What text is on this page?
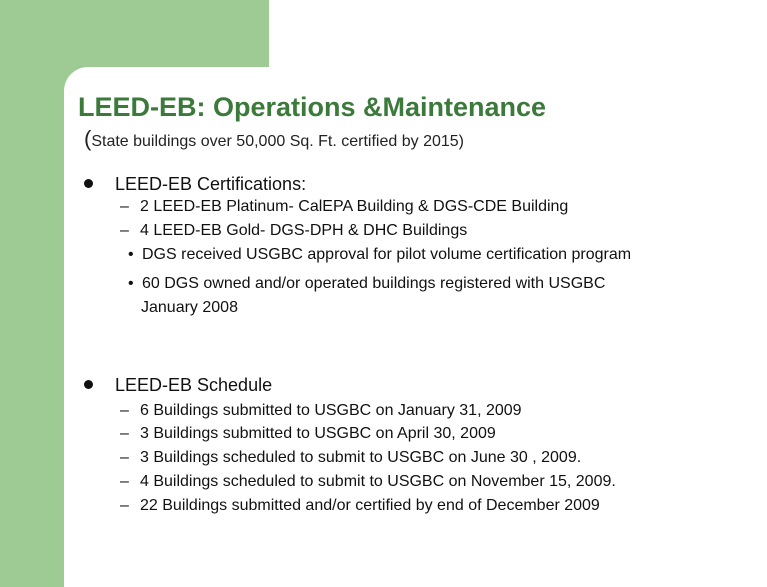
LEED-EB: Operations &Maintenance

(State buildings over 50,000 Sq. Ft. certified by 2015)

LEED-EB Certifications:
– 2 LEED-EB Platinum- CalEPA Building & DGS-CDE Building
– 4 LEED-EB Gold- DGS-DPH & DHC Buildings
• DGS received USGBC approval for pilot volume certification program
• 60 DGS owned and/or operated buildings registered with USGBC
January 2008
LEED-EB Schedule
– 6 Buildings submitted to USGBC on January 31, 2009
– 3 Buildings submitted to USGBC on April 30, 2009
– 3 Buildings scheduled to submit to USGBC on June 30 , 2009.
– 4 Buildings scheduled to submit to USGBC on November 15, 2009.
– 22 Buildings submitted and/or certified by end of December 2009
